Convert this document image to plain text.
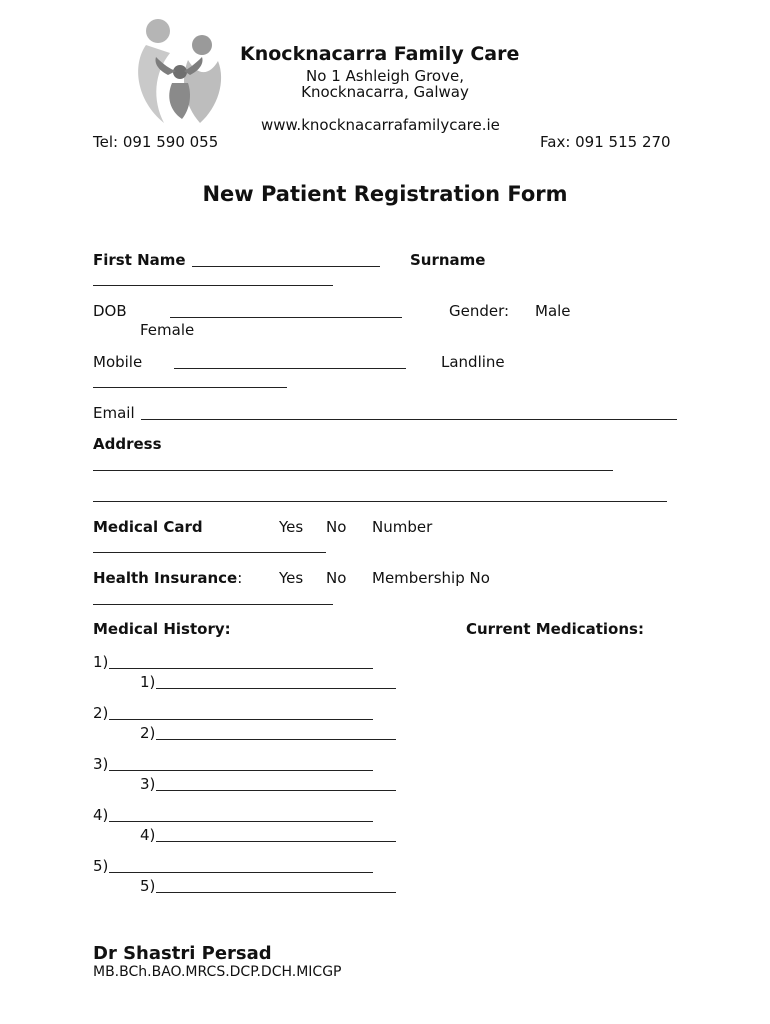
Knocknacarra Family Care
No 1 Ashleigh Grove,
Knocknacarra, Galway
www.knocknacarrafamilycare.ie
Tel: 091 590 055	Fax: 091 515 270
New Patient Registration Form
First Name	Surname
DOB	Gender: Male
Female
Mobile	Landline
Email
Address
Medical Card	Yes No Number
Health Insurance: Yes No Membership No
Medical History:	Current Medications:
1)
1)
2)
2)
3)
3)
4)
4)
5)
5)
Dr Shastri Persad
MB.BCh.BAO.MRCS.DCP.DCH.MICGP
